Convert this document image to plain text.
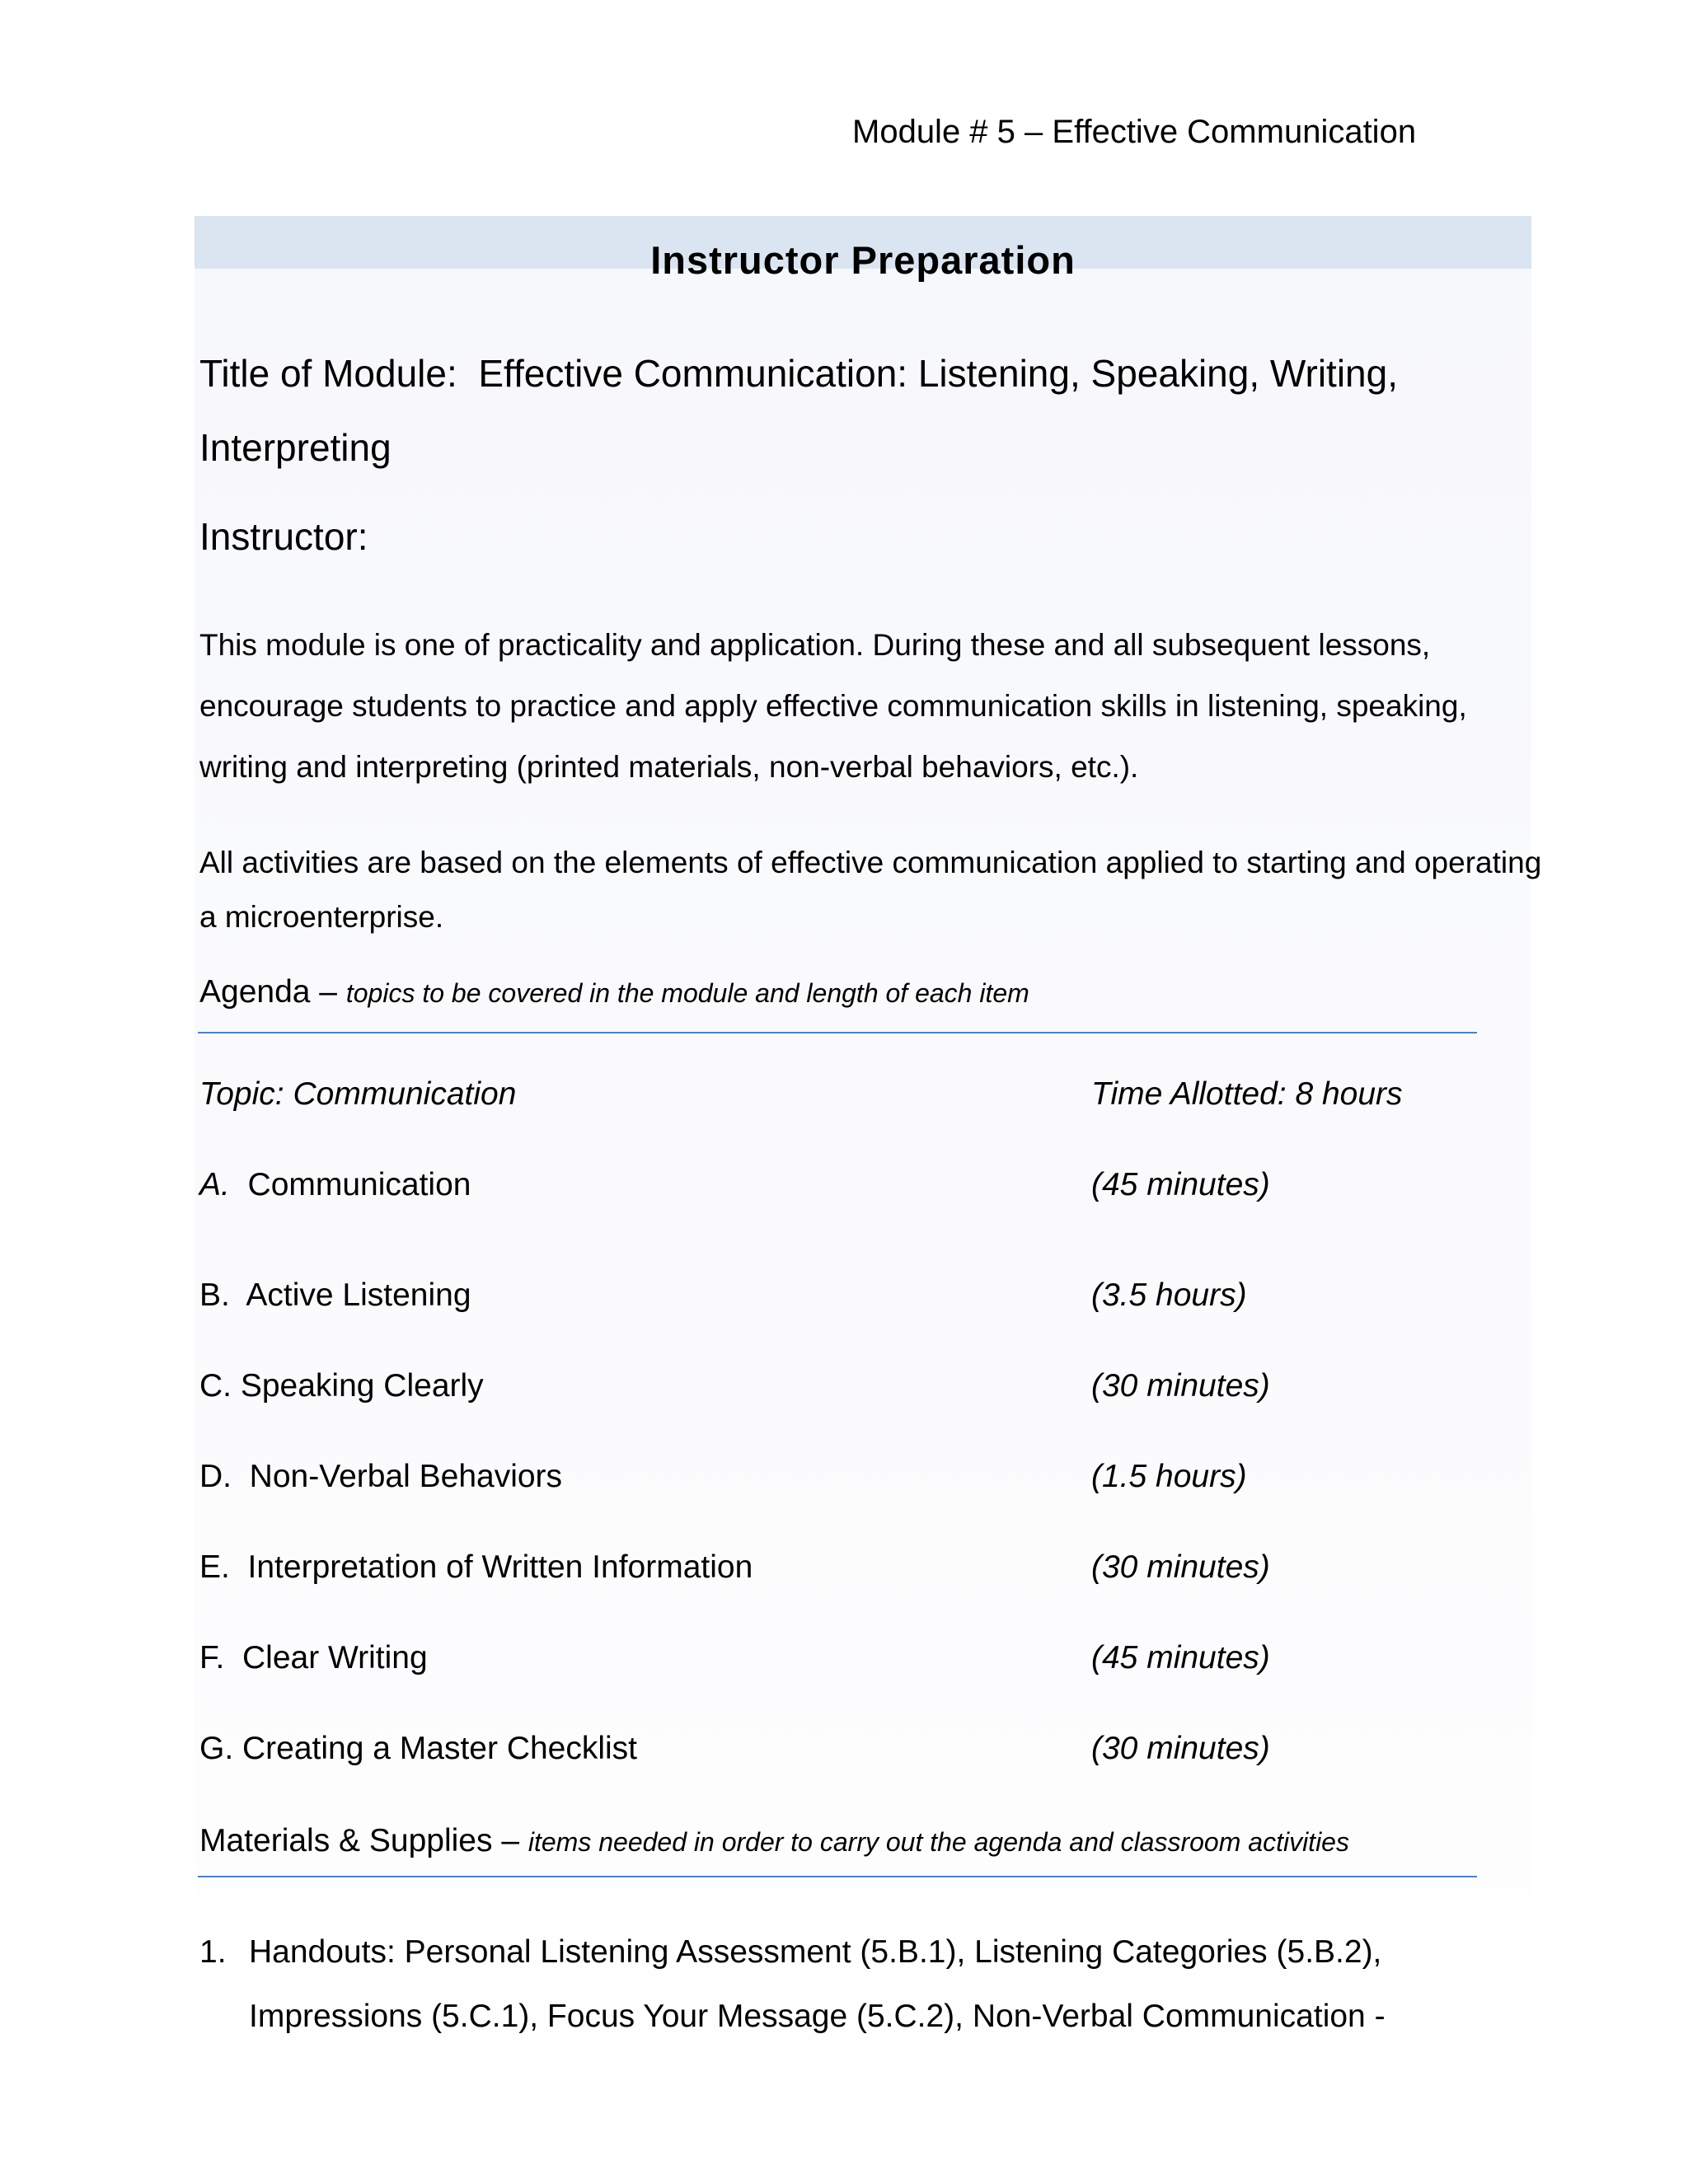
Module # 5 – Effective Communication
Instructor Preparation
Title of Module: Effective Communication: Listening, Speaking, Writing, Interpreting
Instructor:
This module is one of practicality and application. During these and all subsequent lessons, encourage students to practice and apply effective communication skills in listening, speaking, writing and interpreting (printed materials, non-verbal behaviors, etc.).
All activities are based on the elements of effective communication applied to starting and operating a microenterprise.
Agenda – topics to be covered in the module and length of each item
Topic: Communication	Time Allotted: 8 hours
A. Communication	(45 minutes)
B. Active Listening	(3.5 hours)
C. Speaking Clearly	(30 minutes)
D. Non-Verbal Behaviors	(1.5 hours)
E. Interpretation of Written Information	(30 minutes)
F. Clear Writing	(45 minutes)
G. Creating a Master Checklist	(30 minutes)
Materials & Supplies – items needed in order to carry out the agenda and classroom activities
1. Handouts: Personal Listening Assessment (5.B.1), Listening Categories (5.B.2), Impressions (5.C.1), Focus Your Message (5.C.2), Non-Verbal Communication -
